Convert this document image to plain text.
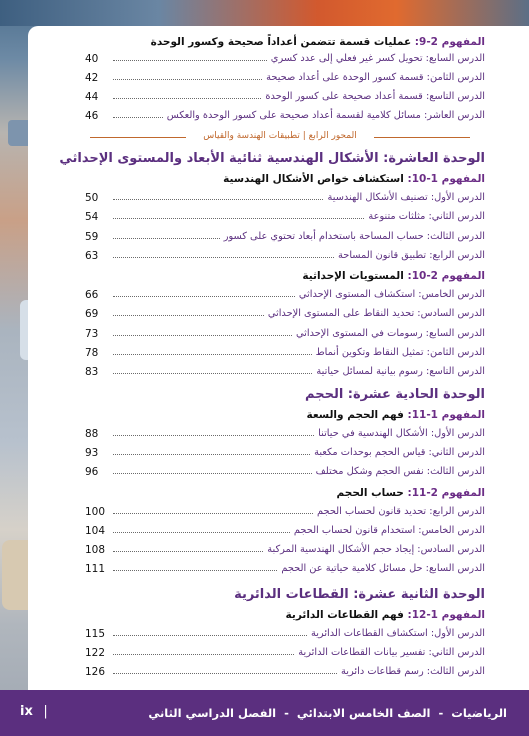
المفهوم 2-9: عمليات قسمة تتضمن أعداداً صحيحة وكسور الوحدة
الدرس السابع: تحويل كسر غير فعلي إلى عدد كسري
40
الدرس الثامن: قسمة كسور الوحدة على أعداد صحيحة
42
الدرس التاسع: قسمة أعداد صحيحة على كسور الوحدة
44
الدرس العاشر: مسائل كلامية لقسمة أعداد صحيحة على كسور الوحدة والعكس
46
المحور الرابع | تطبيقات الهندسة والقياس
الوحدة العاشرة: الأشكال الهندسية ثنائية الأبعاد والمستوى الإحداثي
المفهوم 1-10: استكشاف خواص الأشكال الهندسية
الدرس الأول: تصنيف الأشكال الهندسية
50
الدرس الثاني: مثلثات متنوعة
54
الدرس الثالث: حساب المساحة باستخدام أبعاد تحتوي على كسور
59
الدرس الرابع: تطبيق قانون المساحة
63
المفهوم 2-10: المستويات الإحداثية
الدرس الخامس: استكشاف المستوى الإحداثي
66
الدرس السادس: تحديد النقاط على المستوى الإحداثي
69
الدرس السابع: رسومات في المستوى الإحداثي
73
الدرس الثامن: تمثيل النقاط وتكوين أنماط
78
الدرس التاسع: رسوم بيانية لمسائل حياتية
83
الوحدة الحادية عشرة: الحجم
المفهوم 1-11: فهم الحجم والسعة
الدرس الأول: الأشكال الهندسية في حياتنا
88
الدرس الثاني: قياس الحجم بوحدات مكعبة
93
الدرس الثالث: نفس الحجم وشكل مختلف
96
المفهوم 2-11: حساب الحجم
الدرس الرابع: تحديد قانون لحساب الحجم
100
الدرس الخامس: استخدام قانون لحساب الحجم
104
الدرس السادس: إيجاد حجم الأشكال الهندسية المركبة
108
الدرس السابع: حل مسائل كلامية حياتية عن الحجم
111
الوحدة الثانية عشرة: القطاعات الدائرية
المفهوم 1-12: فهم القطاعات الدائرية
الدرس الأول: استكشاف القطاعات الدائرية
115
الدرس الثاني: تفسير بيانات القطاعات الدائرية
122
الدرس الثالث: رسم قطاعات دائرية
126
الرياضيات
-
الصف الخامس الابتدائي
-
الفصل الدراسي الثاني
ix |
